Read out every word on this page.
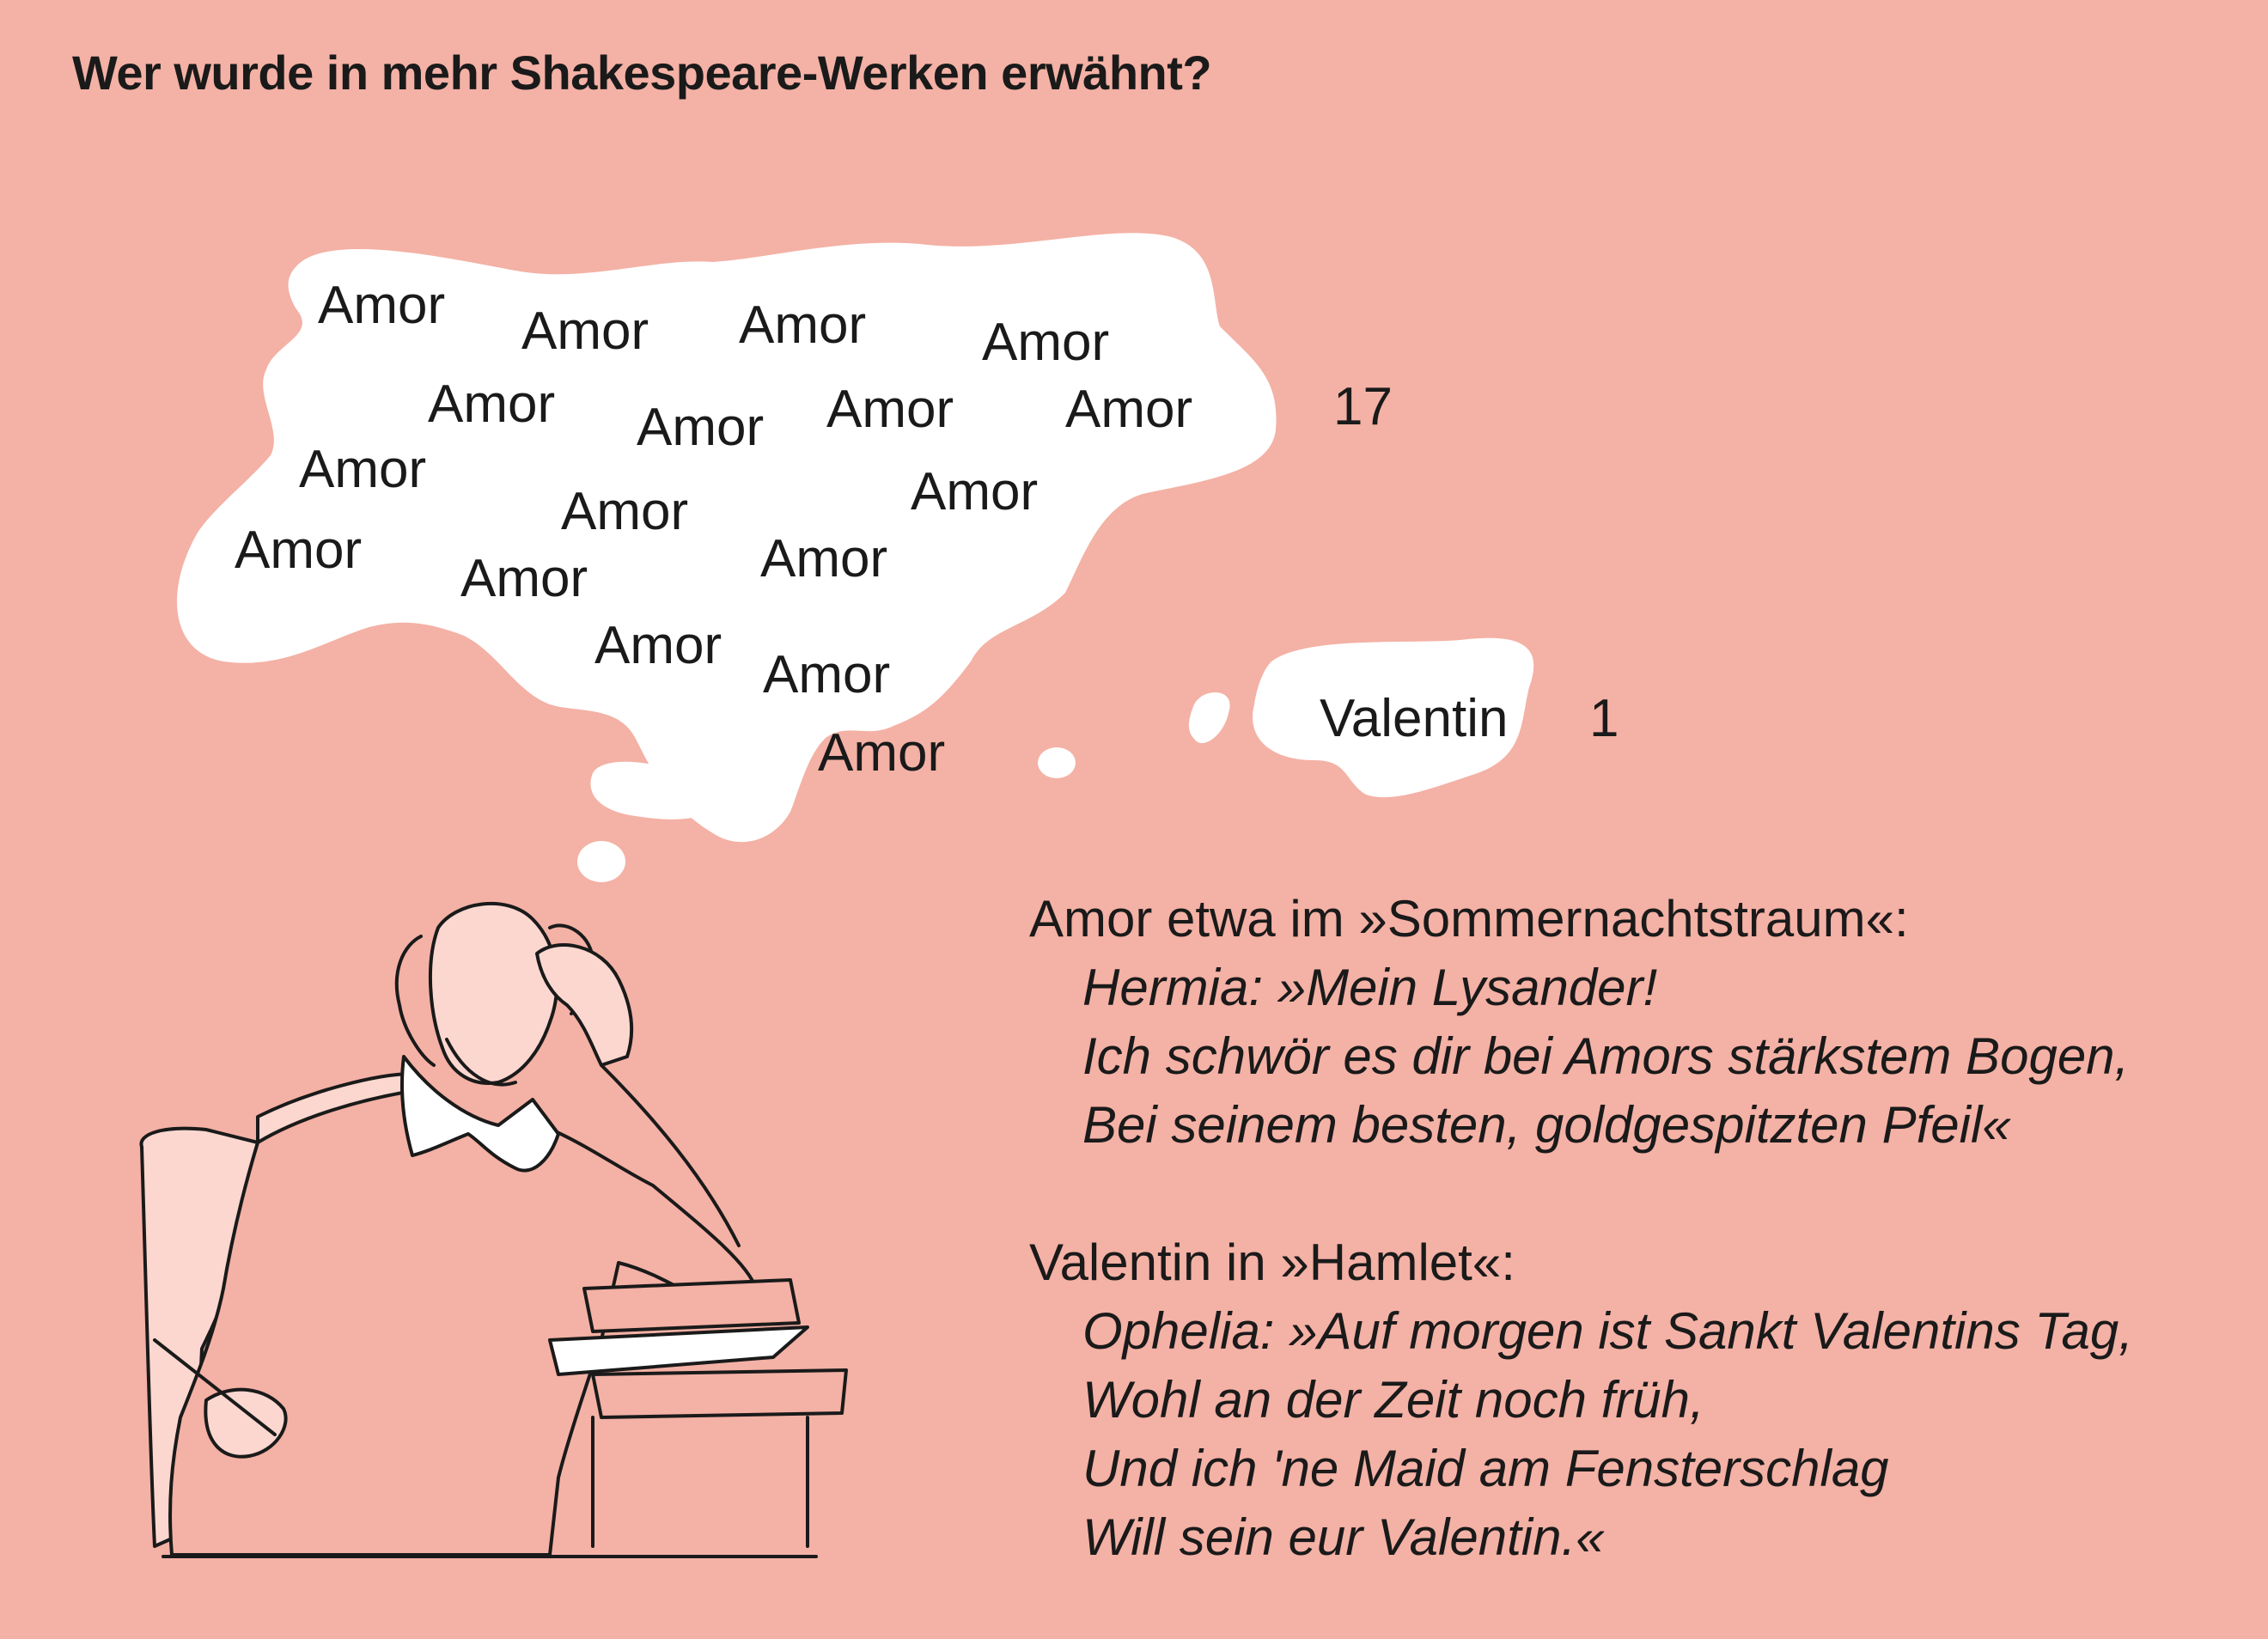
Wer wurde in mehr Shakespeare-Werken erwähnt?
Amor Amor Amor Amor
Amor Amor Amor Amor
Amor	Amor
Amor
Amor	Amor
Amor
Amor Amor
Amor
17
Valentin 1
Amor etwa im »Sommernachtstraum«:
Hermia: »Mein Lysander!
Ich schwör es dir bei Amors stärkstem Bogen,
Bei seinem besten, goldgespitzten Pfeil«
Valentin in »Hamlet«:
Ophelia: »Auf morgen ist Sankt Valentins Tag,
Wohl an der Zeit noch früh,
Und ich 'ne Maid am Fensterschlag
Will sein eur Valentin.«
